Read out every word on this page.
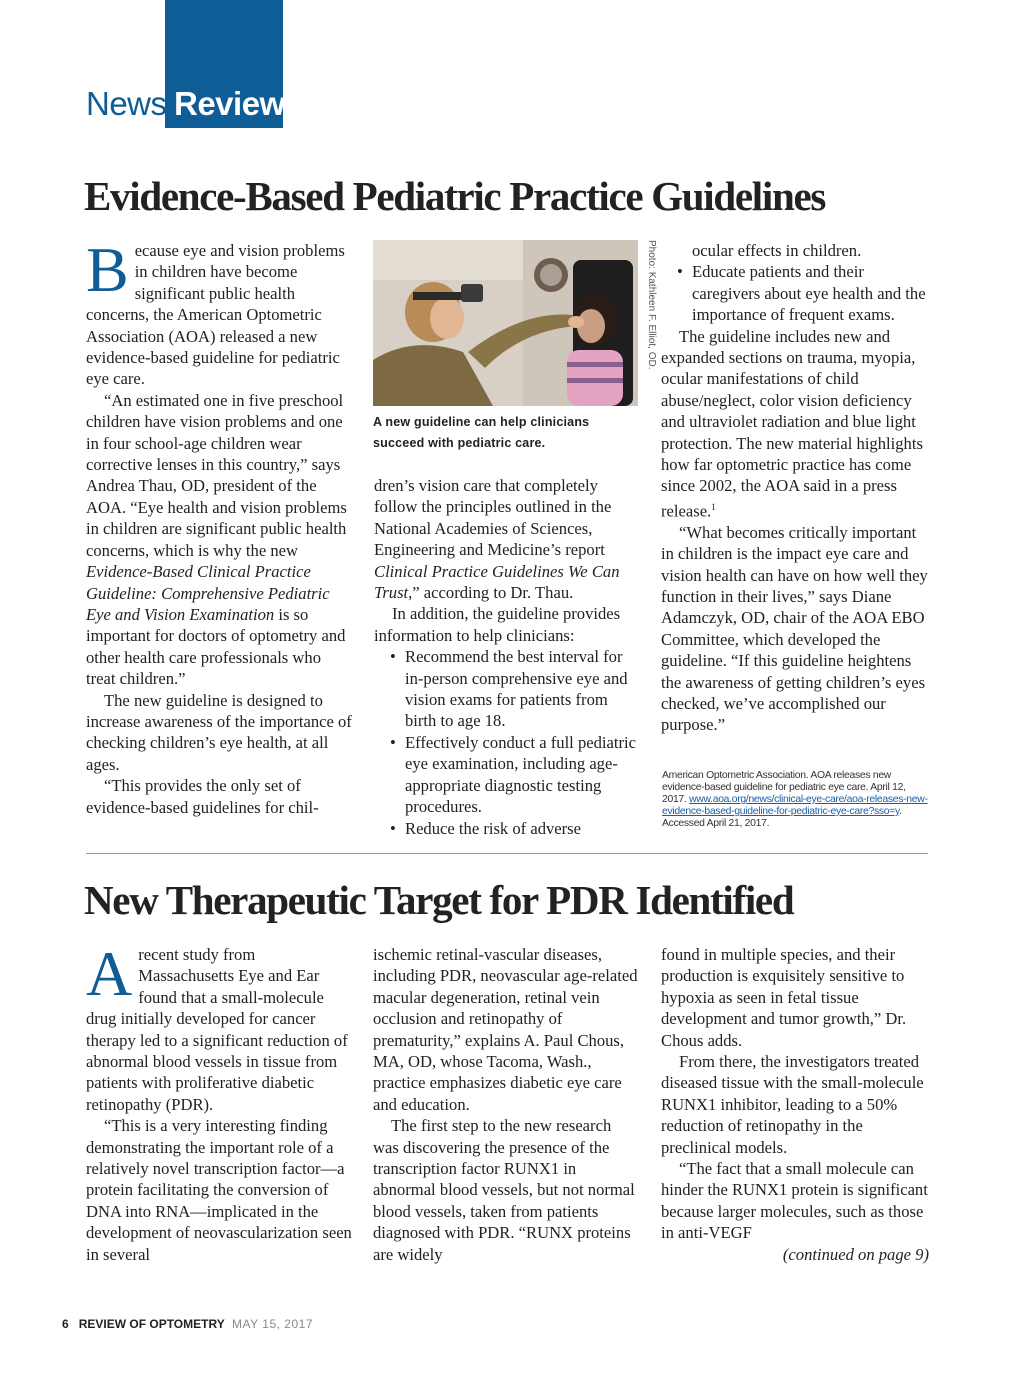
News Review
Evidence-Based Pediatric Practice Guidelines

Because eye and vision problems in children have become significant public health concerns, the American Optometric Association (AOA) released a new evidence-based guideline for pediatric eye care.

“An estimated one in five preschool children have vision problems and one in four school-age children wear corrective lenses in this country,” says Andrea Thau, OD, president of the AOA. “Eye health and vision problems in children are significant public health concerns, which is why the new Evidence-Based Clinical Practice Guideline: Comprehensive Pediatric Eye and Vision Examination is so important for doctors of optometry and other health care professionals who treat children.”

The new guideline is designed to increase awareness of the importance of checking children’s eye health, at all ages.

“This provides the only set of evidence-based guidelines for chil-

Photo: Kathleen F. Elliot, OD.

A new guideline can help clinicians succeed with pediatric care.

dren’s vision care that completely follow the principles outlined in the National Academies of Sciences, Engineering and Medicine’s report Clinical Practice Guidelines We Can Trust,” according to Dr. Thau.

In addition, the guideline provides information to help clinicians:

• Recommend the best interval for in-person comprehensive eye and vision exams for patients from birth to age 18.
• Effectively conduct a full pediatric eye examination, including age-appropriate diagnostic testing procedures.
• Reduce the risk of adverse

ocular effects in children.

• Educate patients and their caregivers about eye health and the importance of frequent exams.

The guideline includes new and expanded sections on trauma, myopia, ocular manifestations of child abuse/neglect, color vision deficiency and ultraviolet radiation and blue light protection. The new material highlights how far optometric practice has come since 2002, the AOA said in a press release.$^1$

“What becomes critically important in children is the impact eye care and vision health can have on how well they function in their lives,” says Diane Adamczyk, OD, chair of the AOA EBO Committee, which developed the guideline. “If this guideline heightens the awareness of getting children’s eyes checked, we’ve accomplished our purpose.”

American Optometric Association. AOA releases new evidence-based guideline for pediatric eye care. April 12, 2017. www.aoa.org/news/clinical-eye-care/aoa-releases-new-evidence-based-guideline-for-pediatric-eye-care?sso=y. Accessed April 21, 2017.

New Therapeutic Target for PDR Identified

Arecent study from Massachusetts Eye and Ear found that a small-molecule drug initially developed for cancer therapy led to a significant reduction of abnormal blood vessels in tissue from patients with proliferative diabetic retinopathy (PDR).

“This is a very interesting finding demonstrating the important role of a relatively novel transcription factor—a protein facilitating the conversion of DNA into RNA—implicated in the development of neovascularization seen in several

ischemic retinal-vascular diseases, including PDR, neovascular age-related macular degeneration, retinal vein occlusion and retinopathy of prematurity,” explains A. Paul Chous, MA, OD, whose Tacoma, Wash., practice emphasizes diabetic eye care and education.

The first step to the new research was discovering the presence of the transcription factor RUNX1 in abnormal blood vessels, but not normal blood vessels, taken from patients diagnosed with PDR. “RUNX proteins are widely

found in multiple species, and their production is exquisitely sensitive to hypoxia as seen in fetal tissue development and tumor growth,” Dr. Chous adds.

From there, the investigators treated diseased tissue with the small-molecule RUNX1 inhibitor, leading to a 50% reduction of retinopathy in the preclinical models.

“The fact that a small molecule can hinder the RUNX1 protein is significant because larger molecules, such as those in anti-VEGF

(continued on page 9)
6 REVIEW OF OPTOMETRY MAY 15, 2017
